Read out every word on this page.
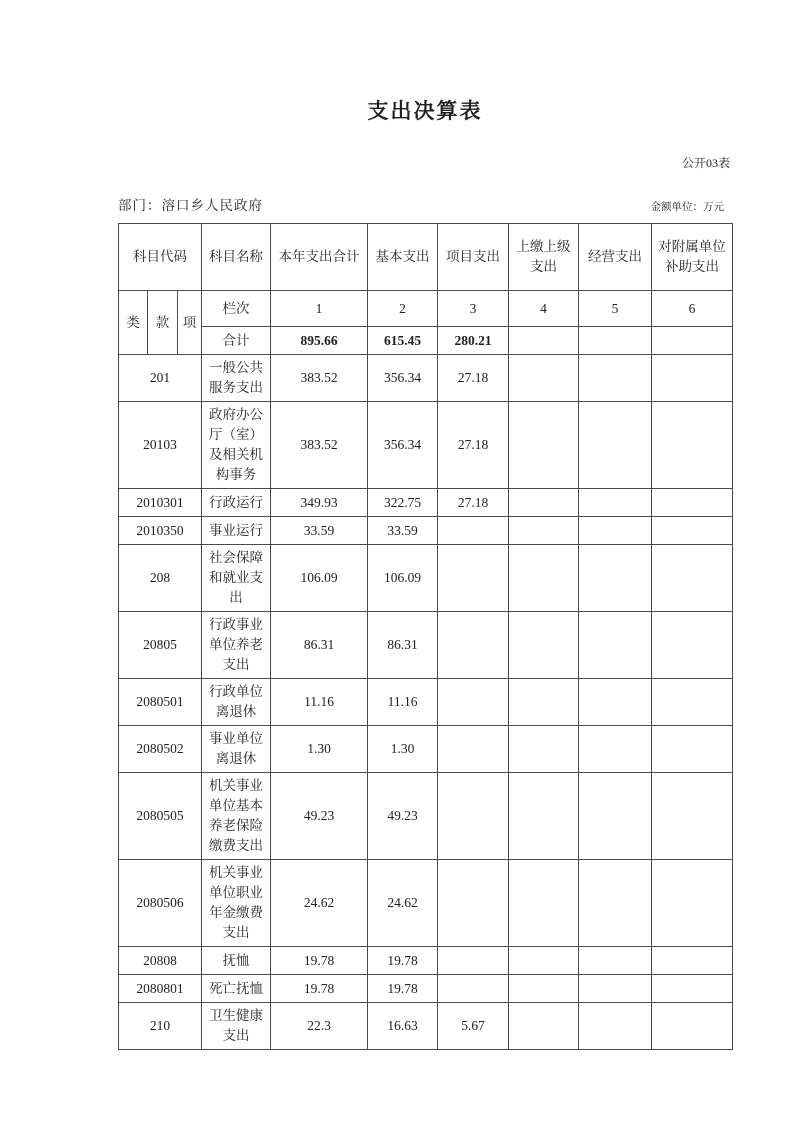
支出决算表
公开03表
部门：溶口乡人民政府	金额单位：万元
科目代码			科目名称	本年支出合计	基本支出	项目支出	上缴上级支出	经营支出	对附属单位补助支出
类	款	项	栏次	1	2	3	4	5	6
			合计	895.66	615.45	280.21			
201			一般公共服务支出	383.52	356.34	27.18			
20103			政府办公厅（室）及相关机构事务	383.52	356.34	27.18			
2010301			行政运行	349.93	322.75	27.18			
2010350			事业运行	33.59	33.59				
208			社会保障和就业支出	106.09	106.09				
20805			行政事业单位养老支出	86.31	86.31				
2080501			行政单位离退休	11.16	11.16				
2080502			事业单位离退休	1.30	1.30				
2080505			机关事业单位基本养老保险缴费支出	49.23	49.23				
2080506			机关事业单位职业年金缴费支出	24.62	24.62				
20808			抚恤	19.78	19.78				
2080801			死亡抚恤	19.78	19.78				
210			卫生健康支出	22.3	16.63	5.67			
